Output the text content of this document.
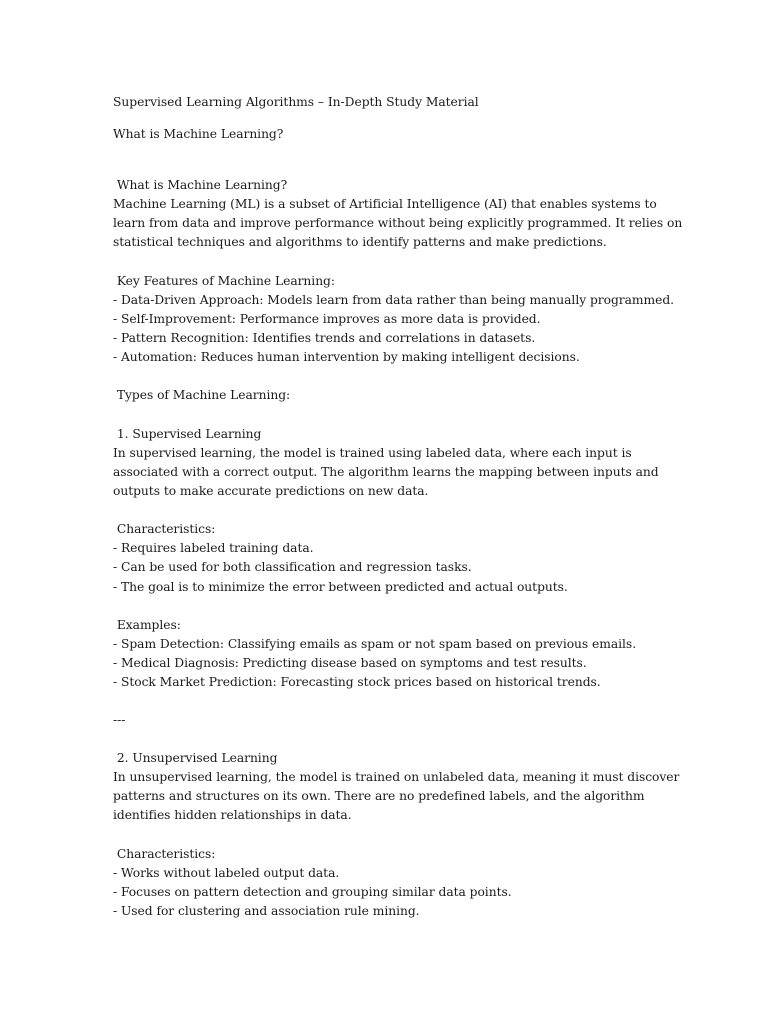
Supervised Learning Algorithms – In-Depth Study Material
What is Machine Learning?
What is Machine Learning?
Machine Learning (ML) is a subset of Artificial Intelligence (AI) that enables systems to
learn from data and improve performance without being explicitly programmed. It relies on
statistical techniques and algorithms to identify patterns and make predictions.
Key Features of Machine Learning:
- Data-Driven Approach: Models learn from data rather than being manually programmed.
- Self-Improvement: Performance improves as more data is provided.
- Pattern Recognition: Identifies trends and correlations in datasets.
- Automation: Reduces human intervention by making intelligent decisions.
Types of Machine Learning:
1. Supervised Learning
In supervised learning, the model is trained using labeled data, where each input is
associated with a correct output. The algorithm learns the mapping between inputs and
outputs to make accurate predictions on new data.
Characteristics:
- Requires labeled training data.
- Can be used for both classification and regression tasks.
- The goal is to minimize the error between predicted and actual outputs.
Examples:
- Spam Detection: Classifying emails as spam or not spam based on previous emails.
- Medical Diagnosis: Predicting disease based on symptoms and test results.
- Stock Market Prediction: Forecasting stock prices based on historical trends.
---
2. Unsupervised Learning
In unsupervised learning, the model is trained on unlabeled data, meaning it must discover
patterns and structures on its own. There are no predefined labels, and the algorithm
identifies hidden relationships in data.
Characteristics:
- Works without labeled output data.
- Focuses on pattern detection and grouping similar data points.
- Used for clustering and association rule mining.
